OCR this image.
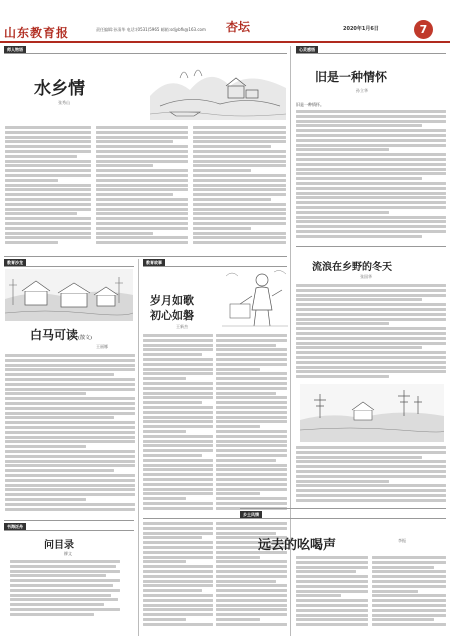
山东教育报	责任编辑:孙清华 电话:(0531)5965 邮箱:sdjybfk@163.com	杏坛	2020年1月6日	7
师人物语
水乡情
张秀山
心灵感悟
旧是一种情怀
孙立华
旧是一种情怀。
教育沙龙
白马可读(散文)
王丽娜
教育故事
岁月如歌
初心如磐
王新杰
流浪在乡野的冬天
张国华
书海泛舟
问目录
柳文
乡土风情
远去的吆喝声	李振
